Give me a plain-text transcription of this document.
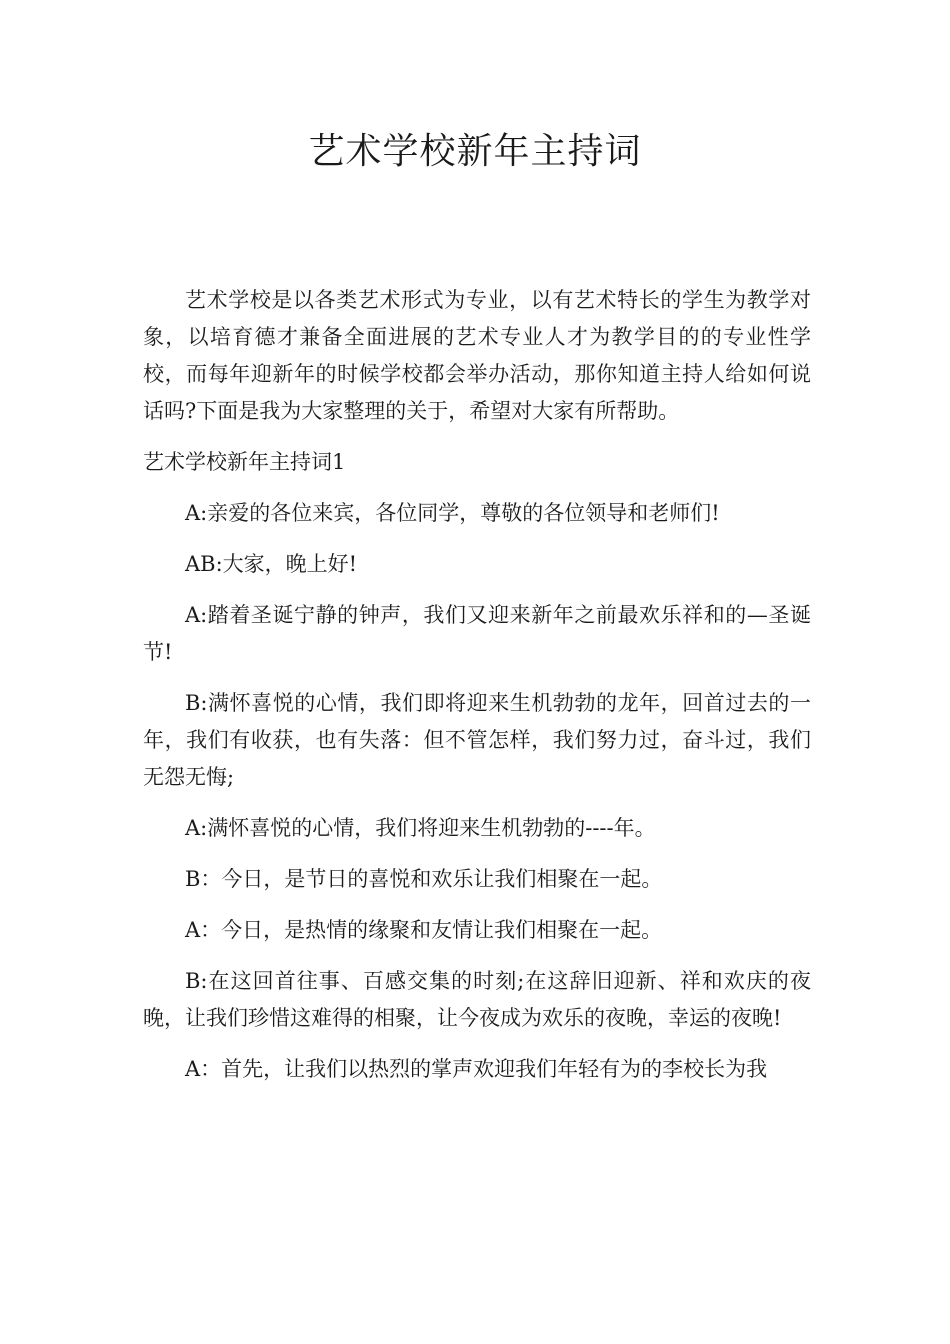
艺术学校新年主持词

艺术学校是以各类艺术形式为专业，以有艺术特长的学生为教学对象，以培育德才兼备全面进展的艺术专业人才为教学目的的专业性学校，而每年迎新年的时候学校都会举办活动，那你知道主持人给如何说话吗?下面是我为大家整理的关于，希望对大家有所帮助。

艺术学校新年主持词1

A:亲爱的各位来宾，各位同学，尊敬的各位领导和老师们!

AB:大家，晚上好!

A:踏着圣诞宁静的钟声，我们又迎来新年之前最欢乐祥和的—圣诞节!

B:满怀喜悦的心情，我们即将迎来生机勃勃的龙年，回首过去的一年，我们有收获，也有失落：但不管怎样，我们努力过，奋斗过，我们无怨无悔;

A:满怀喜悦的心情，我们将迎来生机勃勃的----年。

B：今日，是节日的喜悦和欢乐让我们相聚在一起。

A：今日，是热情的缘聚和友情让我们相聚在一起。

B:在这回首往事、百感交集的时刻;在这辞旧迎新、祥和欢庆的夜晚，让我们珍惜这难得的相聚，让今夜成为欢乐的夜晚，幸运的夜晚!

A：首先，让我们以热烈的掌声欢迎我们年轻有为的李校长为我
